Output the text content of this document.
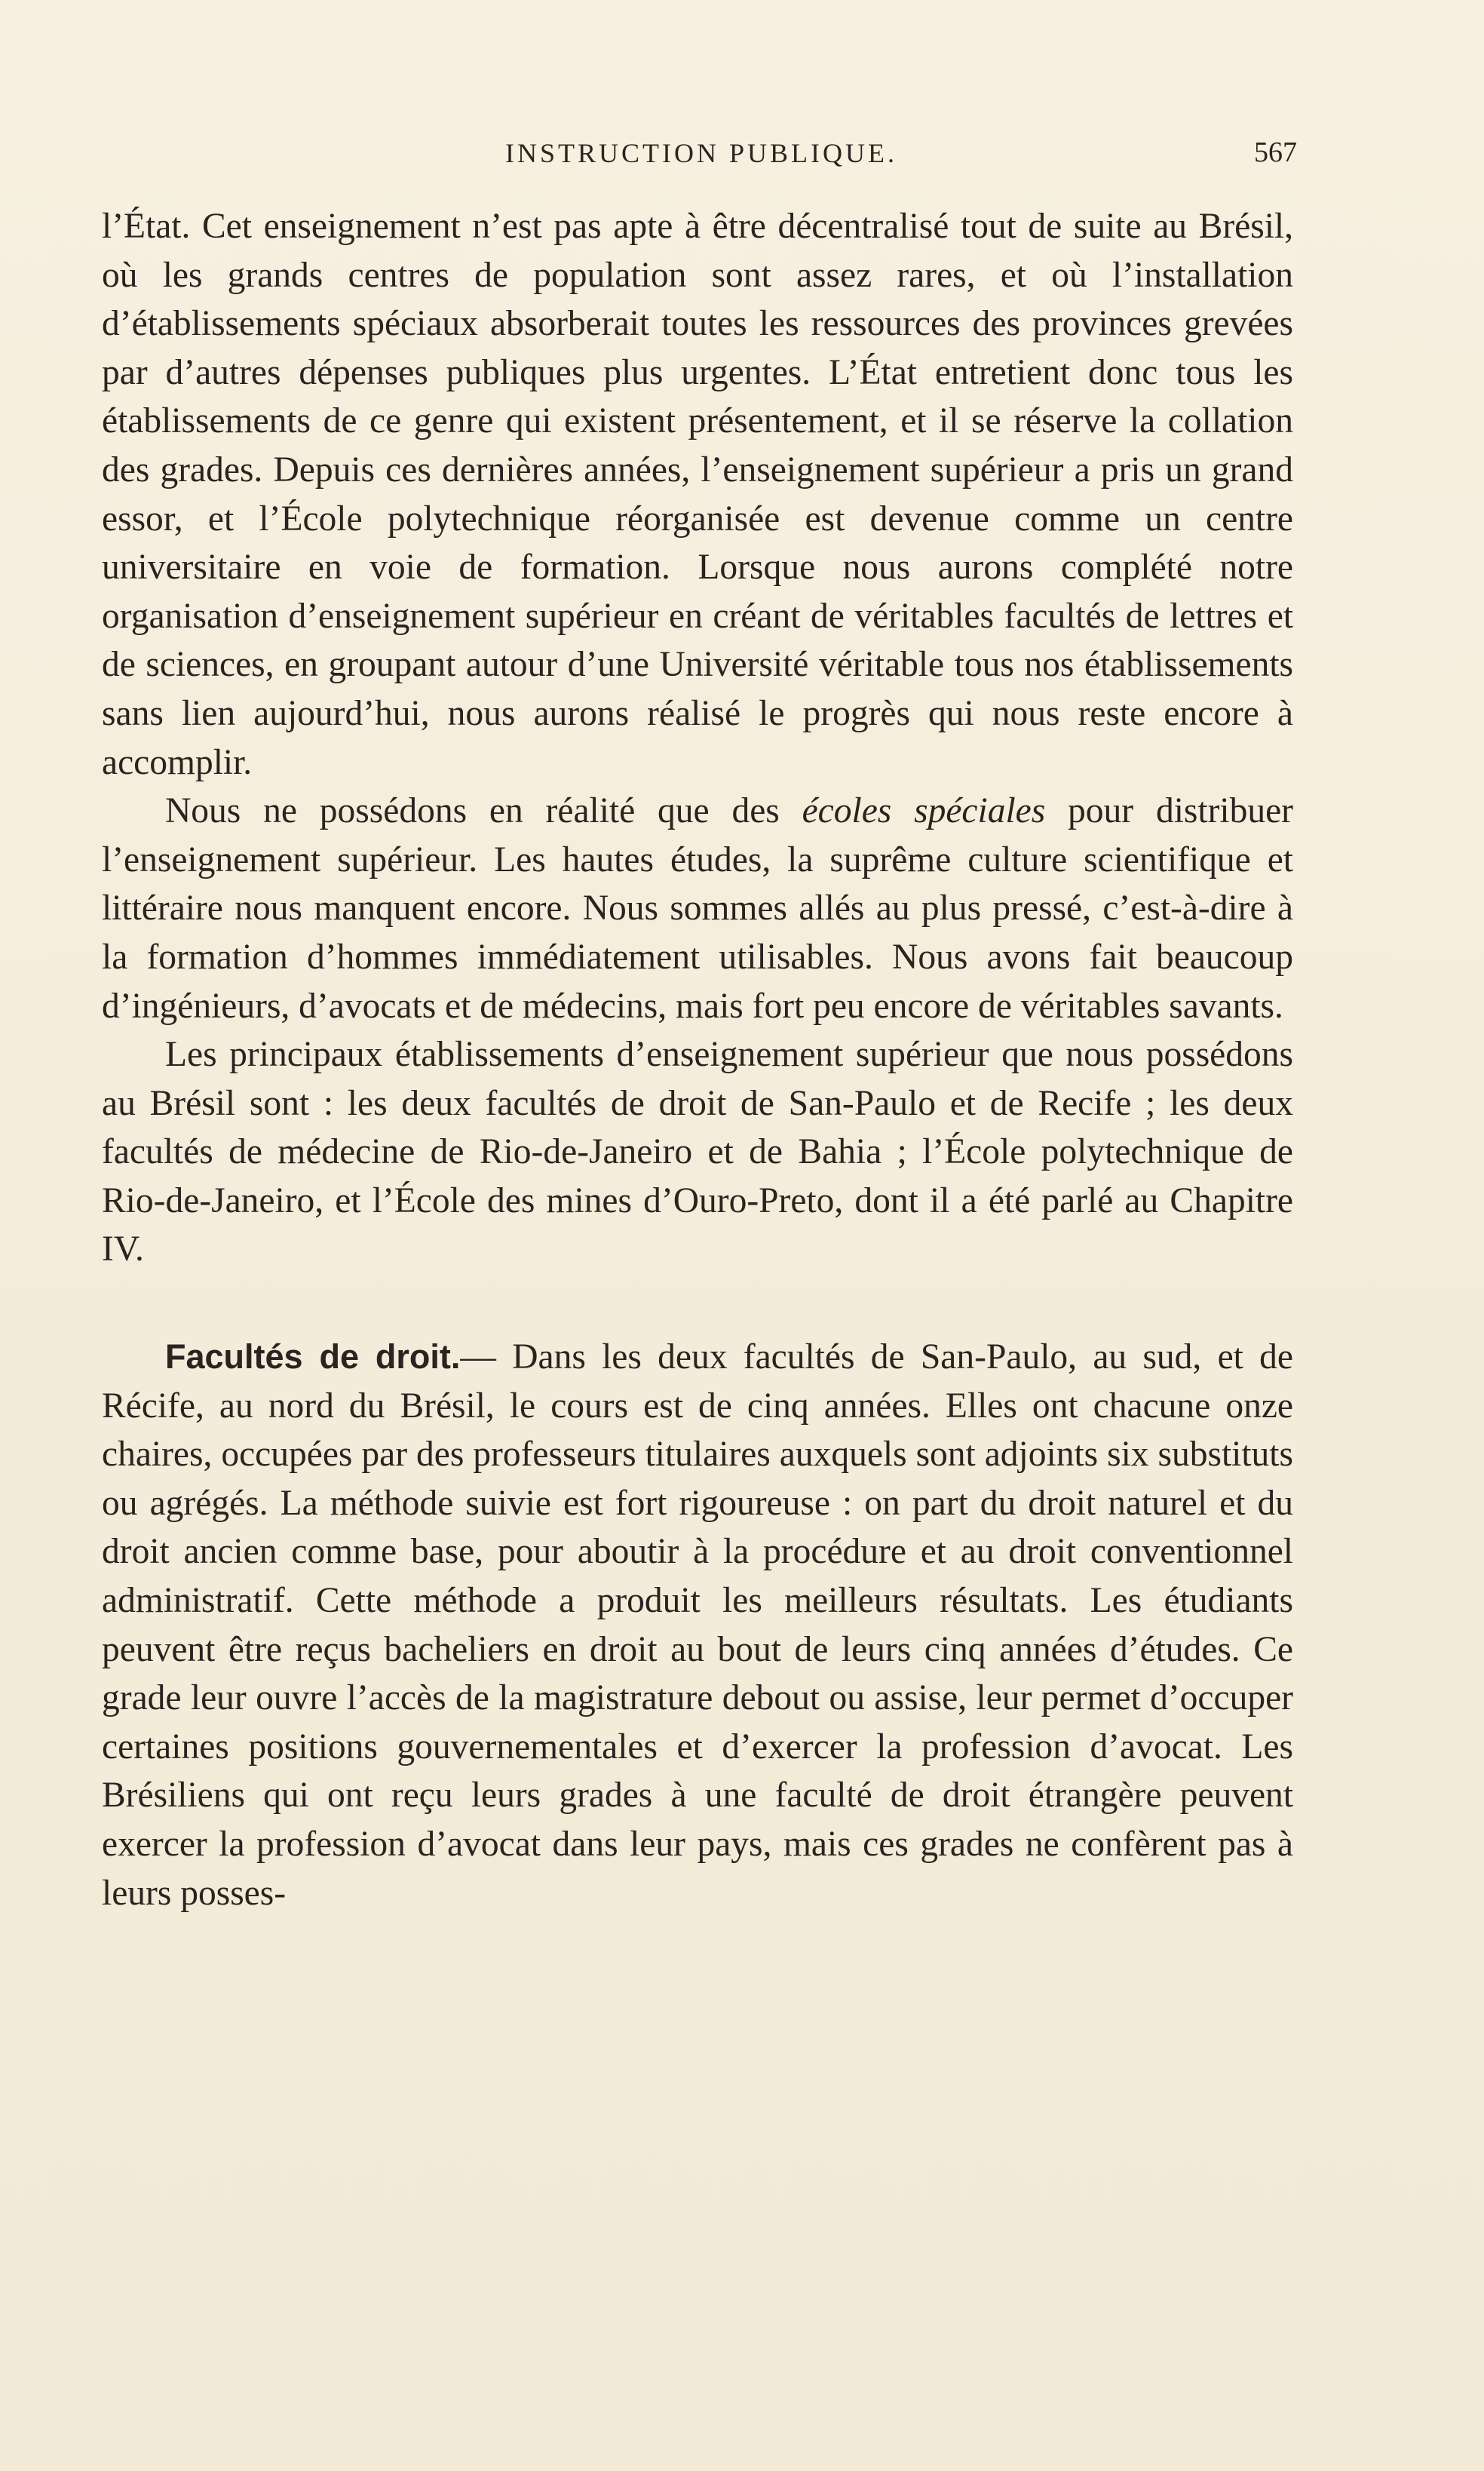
INSTRUCTION PUBLIQUE.	567

l’État. Cet enseignement n’est pas apte à être décentralisé tout de suite au Brésil, où les grands centres de population sont assez rares, et où l’installation d’établissements spéciaux absorberait toutes les ressources des provinces grevées par d’autres dépenses publiques plus urgentes. L’État entretient donc tous les établissements de ce genre qui existent présentement, et il se réserve la collation des grades. Depuis ces dernières années, l’enseignement supérieur a pris un grand essor, et l’École polytechnique réorganisée est devenue comme un centre universitaire en voie de formation. Lorsque nous aurons complété notre organisation d’enseignement supérieur en créant de véritables facultés de lettres et de sciences, en groupant autour d’une Université véritable tous nos établissements sans lien aujourd’hui, nous aurons réalisé le progrès qui nous reste encore à accomplir.

Nous ne possédons en réalité que des écoles spéciales pour distribuer l’enseignement supérieur. Les hautes études, la suprême culture scientifique et littéraire nous manquent encore. Nous sommes allés au plus pressé, c’est-à-dire à la formation d’hommes immédiatement utilisables. Nous avons fait beaucoup d’ingénieurs, d’avocats et de médecins, mais fort peu encore de véritables savants.

Les principaux établissements d’enseignement supérieur que nous possédons au Brésil sont : les deux facultés de droit de San-Paulo et de Recife ; les deux facultés de médecine de Rio-de-Janeiro et de Bahia ; l’École polytechnique de Rio-de-Janeiro, et l’École des mines d’Ouro-Preto, dont il a été parlé au Chapitre IV.

Facultés de droit.— Dans les deux facultés de San-Paulo, au sud, et de Récife, au nord du Brésil, le cours est de cinq années. Elles ont chacune onze chaires, occupées par des professeurs titulaires auxquels sont adjoints six substituts ou agrégés. La méthode suivie est fort rigoureuse : on part du droit naturel et du droit ancien comme base, pour aboutir à la procédure et au droit conventionnel administratif. Cette méthode a produit les meilleurs résultats. Les étudiants peuvent être reçus bacheliers en droit au bout de leurs cinq années d’études. Ce grade leur ouvre l’accès de la magistrature debout ou assise, leur permet d’occuper certaines positions gouvernementales et d’exercer la profession d’avocat. Les Brésiliens qui ont reçu leurs grades à une faculté de droit étrangère peuvent exercer la profession d’avocat dans leur pays, mais ces grades ne confèrent pas à leurs posses-
